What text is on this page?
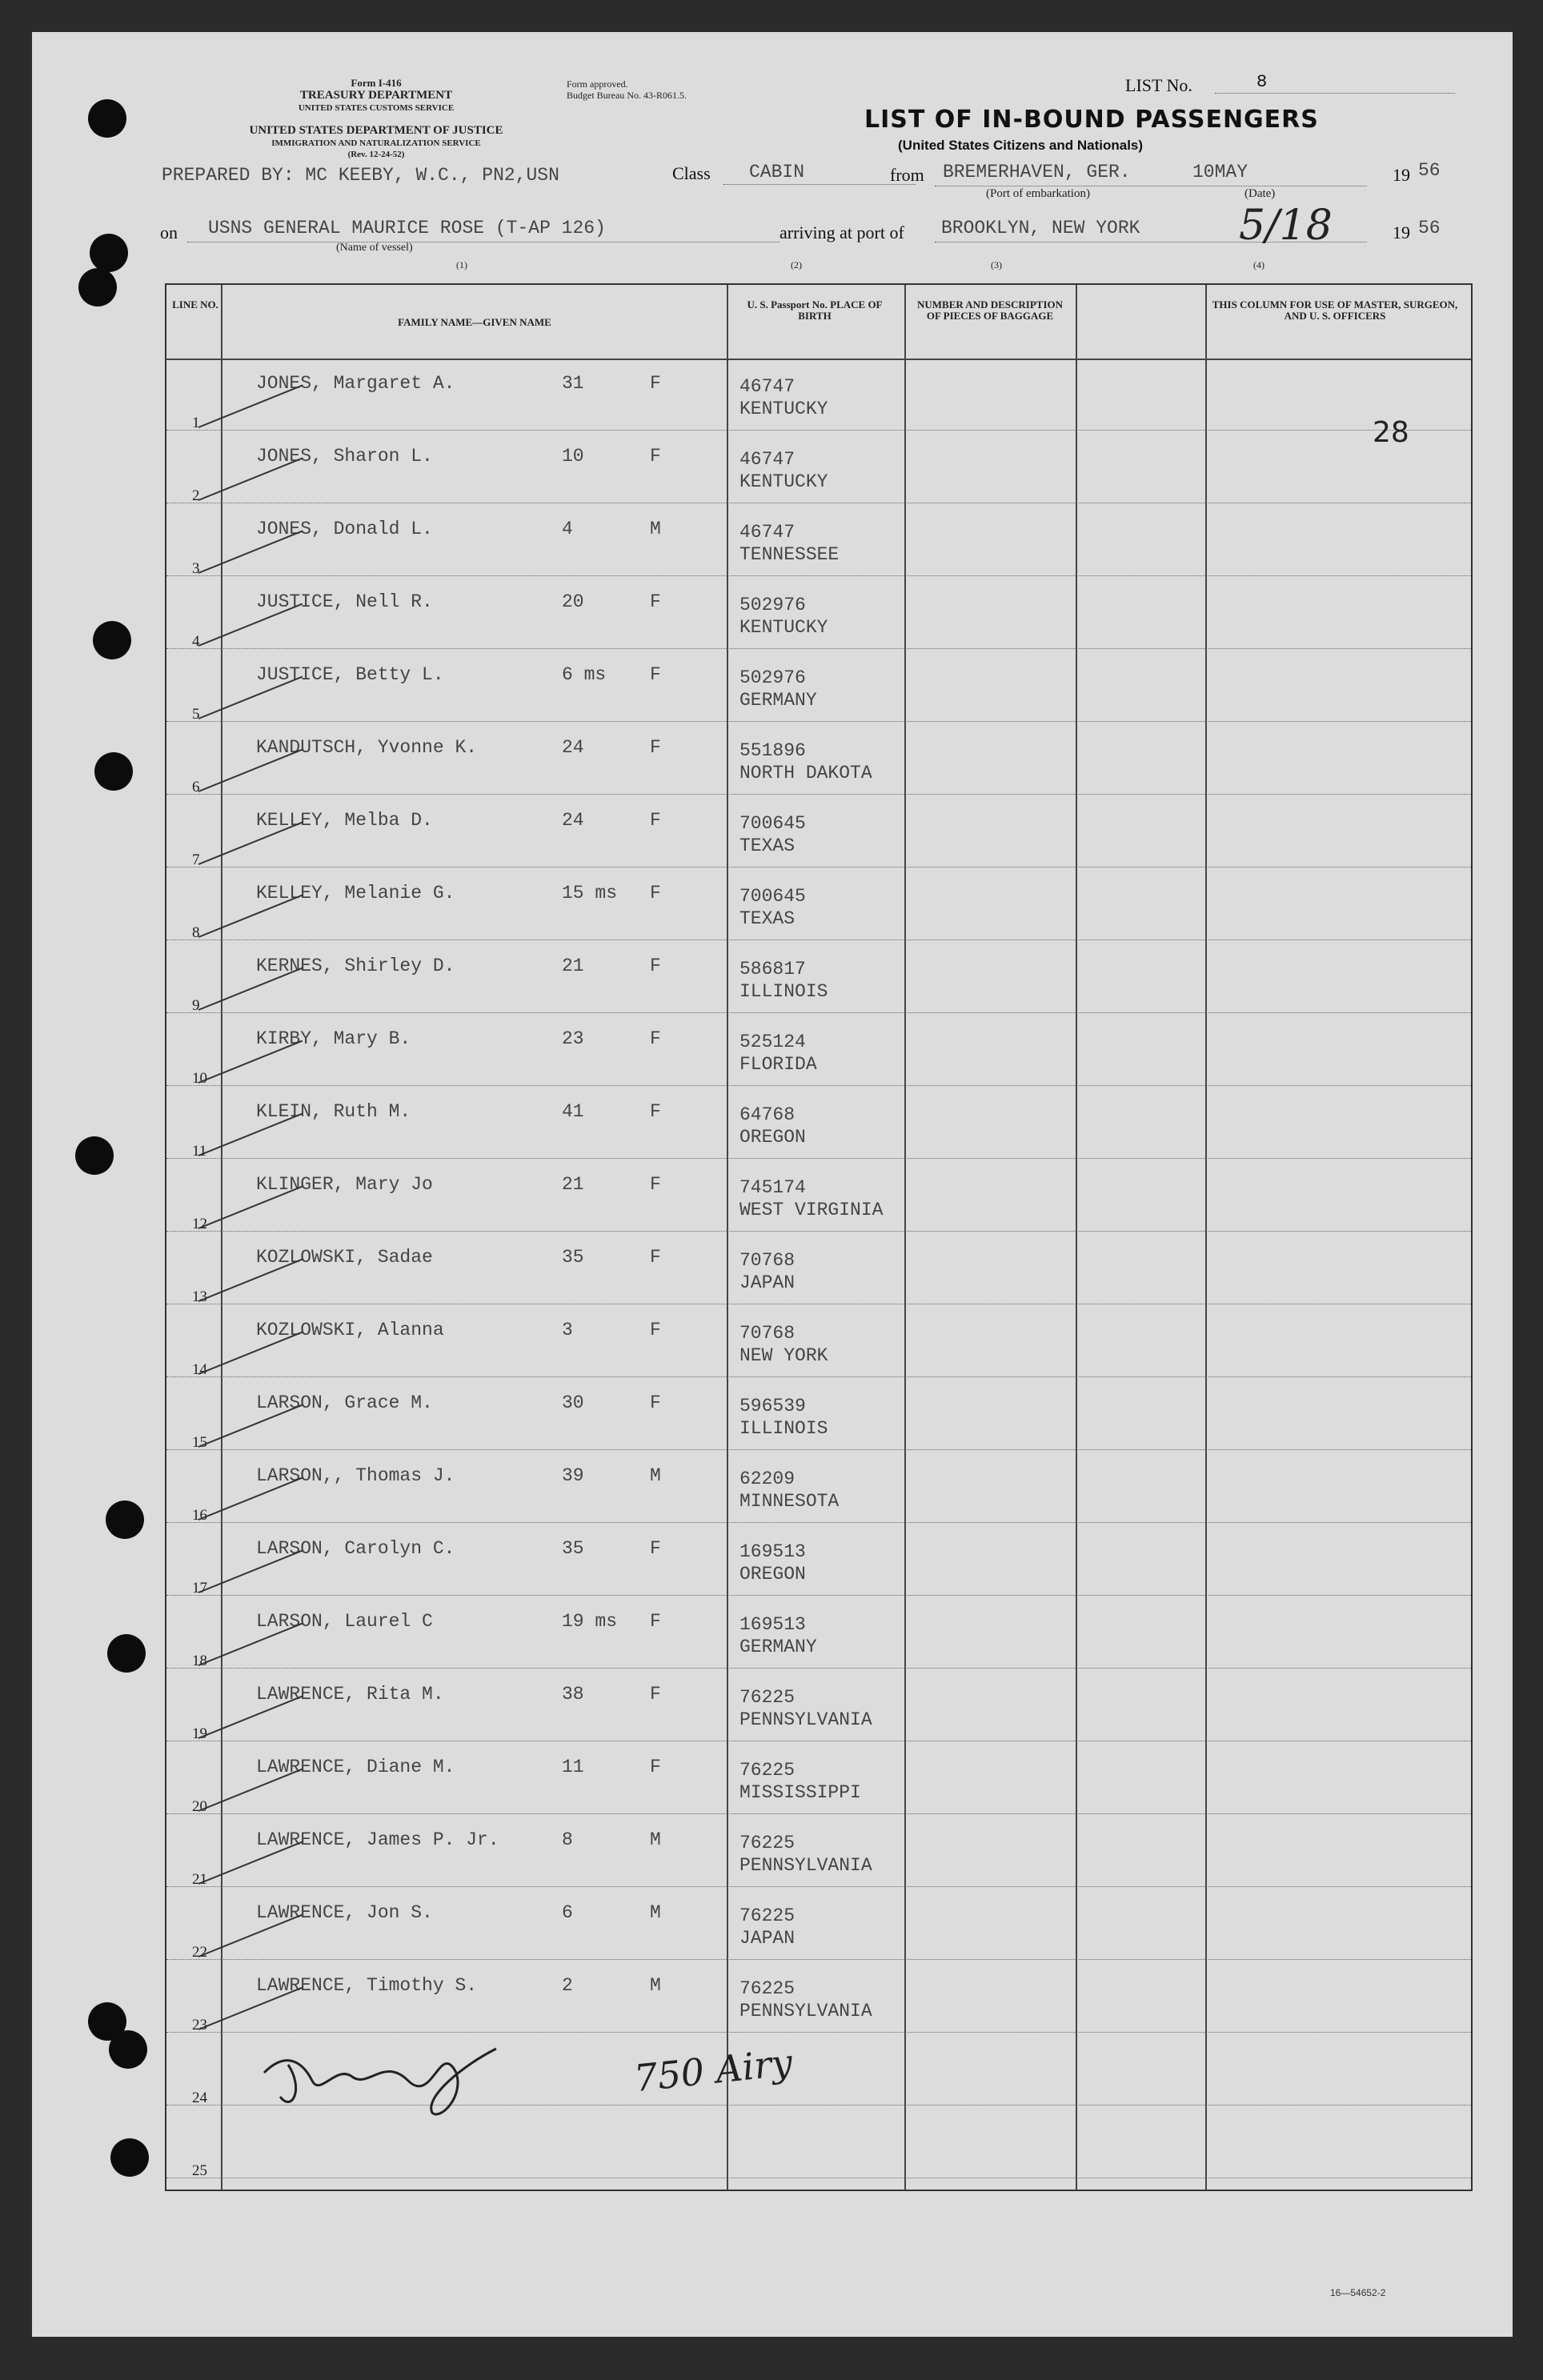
Form I-416
TREASURY DEPARTMENT
UNITED STATES CUSTOMS SERVICE
UNITED STATES DEPARTMENT OF JUSTICE
IMMIGRATION AND NATURALIZATION SERVICE
(Rev. 12-24-52)
Form approved.
Budget Bureau No. 43-R061.5.	LIST No.	8
LIST OF IN-BOUND PASSENGERS
(United States Citizens and Nationals)
PREPARED BY: MC KEEBY, W.C., PN2,USN	Class CABIN	from BREMERHAVEN, GER.	10MAY	19 56
(Port of embarkation)	(Date)
on USNS GENERAL MAURICE ROSE (T-AP 126)
(Name of vessel)
arriving at port of BROOKLYN, NEW YORK 5/18	19 56
(1)	(2)	(3)	(4)
LINE NO.
FAMILY NAME—GIVEN NAME
U. S. Passport No. PLACE OF BIRTH
NUMBER AND DESCRIPTION OF PIECES OF BAGGAGE
THIS COLUMN FOR USE OF MASTER, SURGEON, AND U. S. OFFICERS
1
JONES, Margaret A.	31	F	46747
KENTUCKY
2
JONES, Sharon L.	10	F	46747
KENTUCKY
3
JONES, Donald L.	4	M	46747
TENNESSEE
4
JUSTICE, Nell R.	20	F	502976
KENTUCKY
5
JUSTICE, Betty L.	6 ms F	502976
GERMANY
6
KANDUTSCH, Yvonne K.	24	F	551896
NORTH DAKOTA
7
KELLEY, Melba D.	24	F	700645
TEXAS
8
KELLEY, Melanie G.	15 ms F	700645
TEXAS
9
KERNES, Shirley D.	21	F	586817
ILLINOIS
10
KIRBY, Mary B.	23	F	525124
FLORIDA
11
KLEIN, Ruth M.	41	F	64768
OREGON
12
KLINGER, Mary Jo	21	F	745174
WEST VIRGINIA
13
KOZLOWSKI, Sadae	35	F	70768
JAPAN
14
KOZLOWSKI, Alanna	3	F	70768
NEW YORK
15
LARSON, Grace M.	30	F	596539
ILLINOIS
16
LARSON,, Thomas J.	39	M	62209
MINNESOTA
17
LARSON, Carolyn C.	35	F	169513
OREGON
18
LARSON, Laurel C	19 ms F	169513
GERMANY
19
LAWRENCE, Rita M.	38	F	76225
PENNSYLVANIA
20
LAWRENCE, Diane M.	11	F	76225
MISSISSIPPI
21
LAWRENCE, James P. Jr.	8	M	76225
PENNSYLVANIA
22
LAWRENCE, Jon S.	6	M	76225
JAPAN
23
LAWRENCE, Timothy S.	2	M	76225
PENNSYLVANIA
24
25
28
750 Airy
16—54652-2
